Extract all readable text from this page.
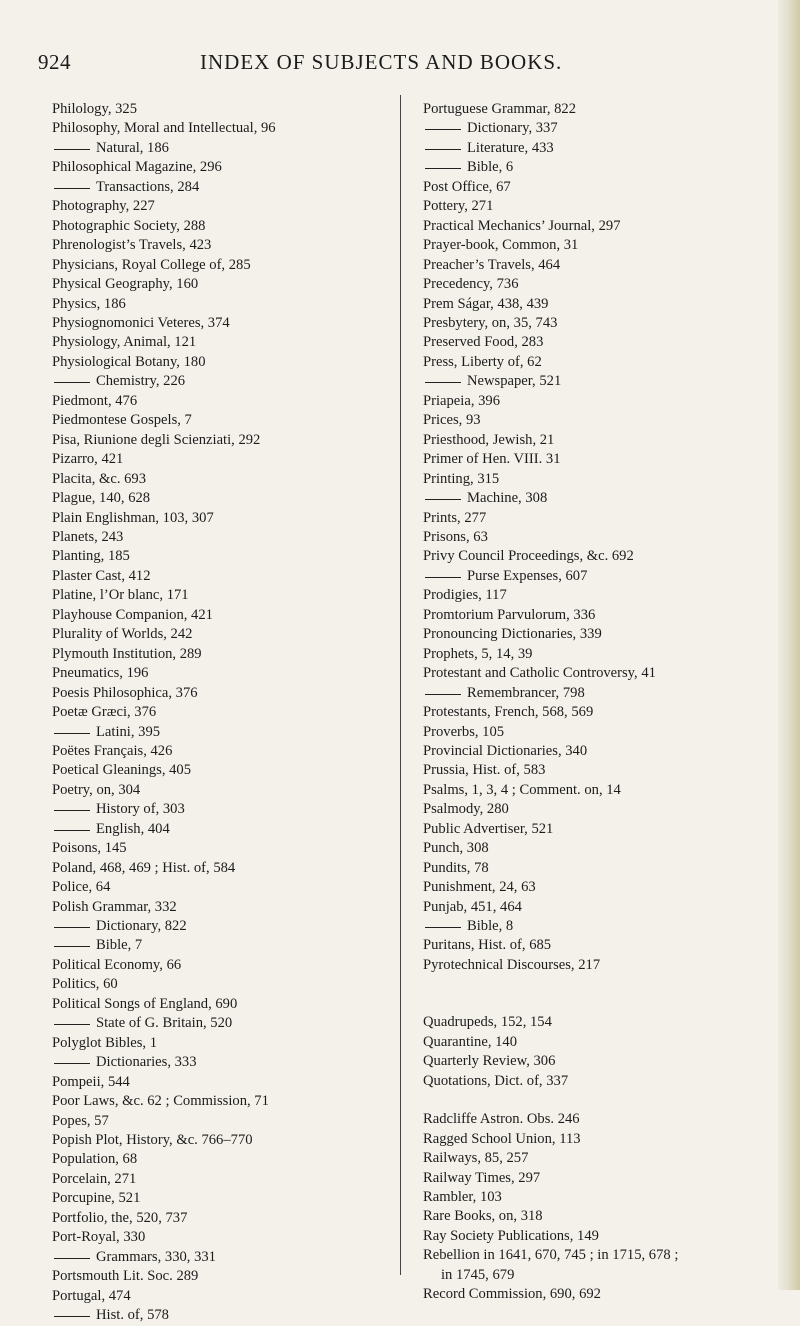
924	INDEX OF SUBJECTS AND BOOKS.
Philology, 325
Philosophy, Moral and Intellectual, 96
Natural, 186
Philosophical Magazine, 296
Transactions, 284
Photography, 227
Photographic Society, 288
Phrenologist’s Travels, 423
Physicians, Royal College of, 285
Physical Geography, 160
Physics, 186
Physiognomonici Veteres, 374
Physiology, Animal, 121
Physiological Botany, 180
Chemistry, 226
Piedmont, 476
Piedmontese Gospels, 7
Pisa, Riunione degli Scienziati, 292
Pizarro, 421
Placita, &c. 693
Plague, 140, 628
Plain Englishman, 103, 307
Planets, 243
Planting, 185
Plaster Cast, 412
Platine, l’Or blanc, 171
Playhouse Companion, 421
Plurality of Worlds, 242
Plymouth Institution, 289
Pneumatics, 196
Poesis Philosophica, 376
Poetæ Græci, 376
Latini, 395
Poëtes Français, 426
Poetical Gleanings, 405
Poetry, on, 304
History of, 303
English, 404
Poisons, 145
Poland, 468, 469 ; Hist. of, 584
Police, 64
Polish Grammar, 332
Dictionary, 822
Bible, 7
Political Economy, 66
Politics, 60
Political Songs of England, 690
State of G. Britain, 520
Polyglot Bibles, 1
Dictionaries, 333
Pompeii, 544
Poor Laws, &c. 62 ; Commission, 71
Popes, 57
Popish Plot, History, &c. 766–770
Population, 68
Porcelain, 271
Porcupine, 521
Portfolio, the, 520, 737
Port-Royal, 330
Grammars, 330, 331
Portsmouth Lit. Soc. 289
Portugal, 474
Hist. of, 578
Portuguese Grammar, 822
Dictionary, 337
Literature, 433
Bible, 6
Post Office, 67
Pottery, 271
Practical Mechanics’ Journal, 297
Prayer-book, Common, 31
Preacher’s Travels, 464
Precedency, 736
Prem Ságar, 438, 439
Presbytery, on, 35, 743
Preserved Food, 283
Press, Liberty of, 62
Newspaper, 521
Priapeia, 396
Prices, 93
Priesthood, Jewish, 21
Primer of Hen. VIII. 31
Printing, 315
Machine, 308
Prints, 277
Prisons, 63
Privy Council Proceedings, &c. 692
Purse Expenses, 607
Prodigies, 117
Promtorium Parvulorum, 336
Pronouncing Dictionaries, 339
Prophets, 5, 14, 39
Protestant and Catholic Controversy, 41
Remembrancer, 798
Protestants, French, 568, 569
Proverbs, 105
Provincial Dictionaries, 340
Prussia, Hist. of, 583
Psalms, 1, 3, 4 ; Comment. on, 14
Psalmody, 280
Public Advertiser, 521
Punch, 308
Pundits, 78
Punishment, 24, 63
Punjab, 451, 464
Bible, 8
Puritans, Hist. of, 685
Pyrotechnical Discourses, 217
Quadrupeds, 152, 154
Quarantine, 140
Quarterly Review, 306
Quotations, Dict. of, 337
Radcliffe Astron. Obs. 246
Ragged School Union, 113
Railways, 85, 257
Railway Times, 297
Rambler, 103
Rare Books, on, 318
Ray Society Publications, 149
Rebellion in 1641, 670, 745 ; in 1715, 678 ;
in 1745, 679
Record Commission, 690, 692
